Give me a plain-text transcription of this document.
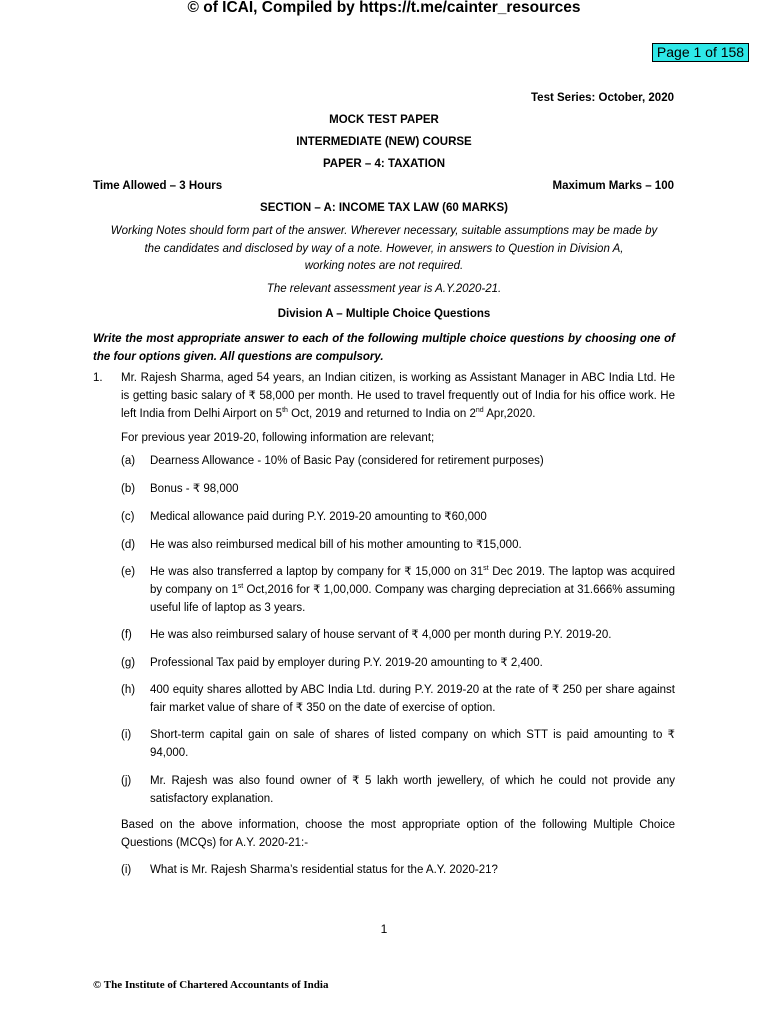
© of ICAI, Compiled by https://t.me/cainter_resources
Page 1 of 158
Test Series: October, 2020
MOCK TEST PAPER
INTERMEDIATE (NEW) COURSE
PAPER – 4: TAXATION
Time Allowed – 3 Hours	Maximum Marks – 100
SECTION – A: INCOME TAX LAW (60 MARKS)
Working Notes should form part of the answer. Wherever necessary, suitable assumptions may be made by
the candidates and disclosed by way of a note. However, in answers to Question in Division A,
working notes are not required.
The relevant assessment year is A.Y.2020-21.
Division A – Multiple Choice Questions
Write the most appropriate answer to each of the following multiple choice questions by choosing one of the four options given. All questions are compulsory.
1. Mr. Rajesh Sharma, aged 54 years, an Indian citizen, is working as Assistant Manager in ABC India Ltd. He is getting basic salary of ₹ 58,000 per month. He used to travel frequently out of India for his office work. He left India from Delhi Airport on 5th Oct, 2019 and returned to India on 2nd Apr,2020.
For previous year 2019-20, following information are relevant;
(a) Dearness Allowance - 10% of Basic Pay (considered for retirement purposes)
(b) Bonus - ₹ 98,000
(c) Medical allowance paid during P.Y. 2019-20 amounting to ₹60,000
(d) He was also reimbursed medical bill of his mother amounting to ₹15,000.
(e) He was also transferred a laptop by company for ₹ 15,000 on 31st Dec 2019. The laptop was acquired by company on 1st Oct,2016 for ₹ 1,00,000. Company was charging depreciation at 31.666% assuming useful life of laptop as 3 years.
(f) He was also reimbursed salary of house servant of ₹ 4,000 per month during P.Y. 2019-20.
(g) Professional Tax paid by employer during P.Y. 2019-20 amounting to ₹ 2,400.
(h) 400 equity shares allotted by ABC India Ltd. during P.Y. 2019-20 at the rate of ₹ 250 per share against fair market value of share of ₹ 350 on the date of exercise of option.
(i) Short-term capital gain on sale of shares of listed company on which STT is paid amounting to ₹ 94,000.
(j) Mr. Rajesh was also found owner of ₹ 5 lakh worth jewellery, of which he could not provide any satisfactory explanation.
Based on the above information, choose the most appropriate option of the following Multiple Choice Questions (MCQs) for A.Y. 2020-21:-
(i) What is Mr. Rajesh Sharma’s residential status for the A.Y. 2020-21?
1
© The Institute of Chartered Accountants of India
